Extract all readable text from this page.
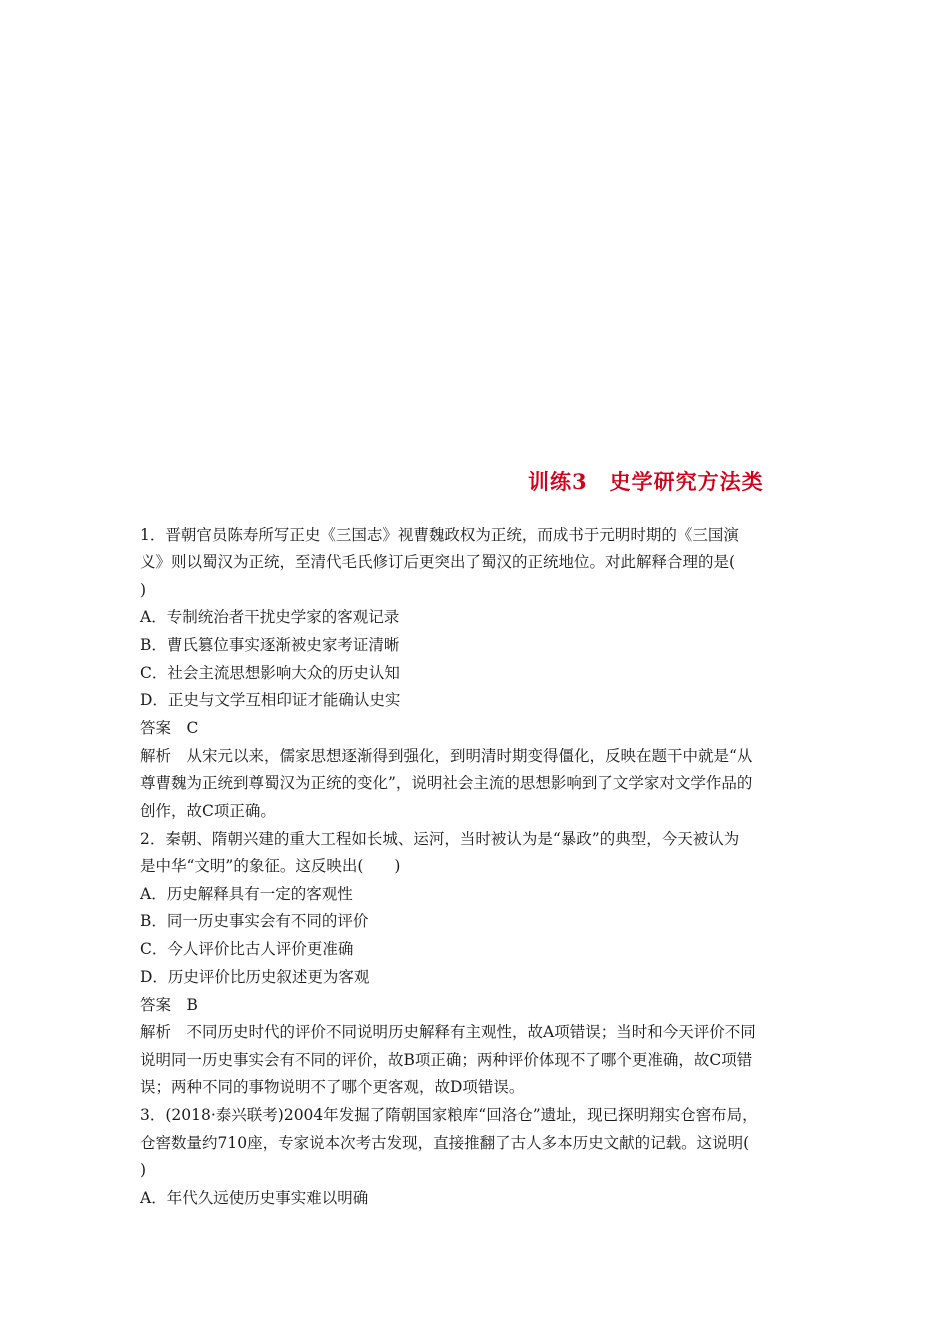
训练3　史学研究方法类
1．晋朝官员陈寿所写正史《三国志》视曹魏政权为正统，而成书于元明时期的《三国演
义》则以蜀汉为正统，至清代毛氏修订后更突出了蜀汉的正统地位。对此解释合理的是(
)
A．专制统治者干扰史学家的客观记录
B．曹氏篡位事实逐渐被史家考证清晰
C．社会主流思想影响大众的历史认知
D．正史与文学互相印证才能确认史实
答案　C
解析　从宋元以来，儒家思想逐渐得到强化，到明清时期变得僵化，反映在题干中就是“从
尊曹魏为正统到尊蜀汉为正统的变化”，说明社会主流的思想影响到了文学家对文学作品的
创作，故C项正确。
2．秦朝、隋朝兴建的重大工程如长城、运河，当时被认为是“暴政”的典型，今天被认为
是中华“文明”的象征。这反映出(　　)
A．历史解释具有一定的客观性
B．同一历史事实会有不同的评价
C．今人评价比古人评价更准确
D．历史评价比历史叙述更为客观
答案　B
解析　不同历史时代的评价不同说明历史解释有主观性，故A项错误；当时和今天评价不同
说明同一历史事实会有不同的评价，故B项正确；两种评价体现不了哪个更准确，故C项错
误；两种不同的事物说明不了哪个更客观，故D项错误。
3．(2018·泰兴联考)2004年发掘了隋朝国家粮库“回洛仓”遗址，现已探明翔实仓窖布局，
仓窖数量约710座，专家说本次考古发现，直接推翻了古人多本历史文献的记载。这说明(
)
A．年代久远使历史事实难以明确
